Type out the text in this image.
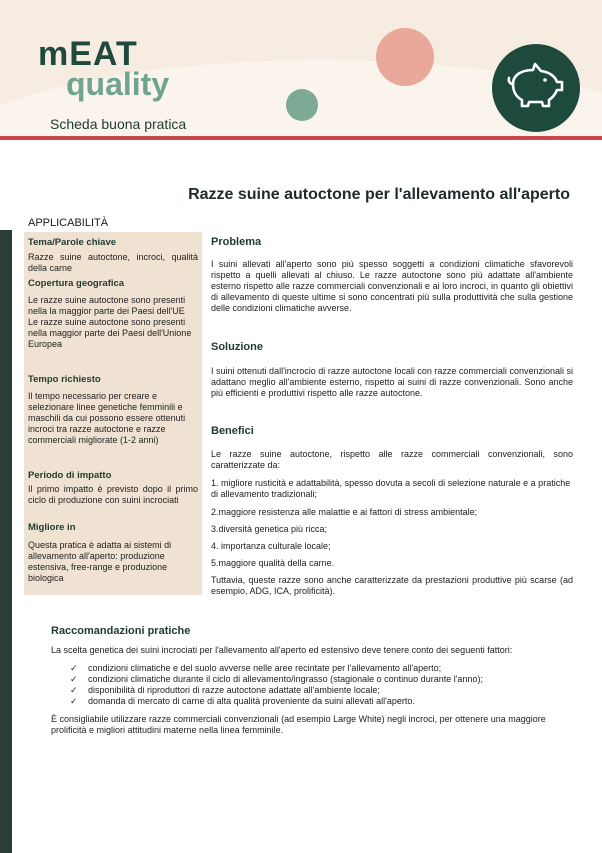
mEAT
quality
Scheda buona pratica
Razze suine autoctone per l'allevamento all'aperto
APPLICABILITÀ
Tema/Parole chiave
Razze suine autoctone, incroci, qualità della carne
Copertura geografica
Le razze suine autoctone sono presenti nella la maggior parte dei Paesi dell'UE Le razze suine autoctone sono presenti nella maggior parte dei Paesi dell'Unione Europea
Tempo richiesto
Il tempo necessario per creare e selezionare linee genetiche femminili e maschili da cui possono essere ottenuti incroci tra razze autoctone e razze commerciali migliorate (1-2 anni)
Periodo di impatto
Il primo impatto è previsto dopo il primo ciclo di produzione con suini incrociati
Migliore in
Questa pratica è adatta ai sistemi di allevamento all'aperto: produzione estensiva, free-range e produzione biologica
Problema
I suini allevati all'aperto sono più spesso soggetti a condizioni climatiche sfavorevoli rispetto a quelli allevati al chiuso. Le razze autoctone sono più adattate all'ambiente esterno rispetto alle razze commerciali convenzionali e ai loro incroci, in quanto gli obiettivi di allevamento di queste ultime si sono concentrati più sulla produttività che sulla gestione delle condizioni climatiche avverse.
Soluzione
I suini ottenuti dall'incrocio di razze autoctone locali con razze commerciali convenzionali si adattano meglio all'ambiente esterno, rispetto ai suini di razze convenzionali. Sono anche più efficienti e produttivi rispetto alle razze autoctone.
Benefici
Le razze suine autoctone, rispetto alle razze commerciali convenzionali, sono caratterizzate da:
1. migliore rusticità e adattabilità, spesso dovuta a secoli di selezione naturale e a pratiche di allevamento tradizionali;
2.maggiore resistenza alle malattie e ai fattori di stress ambientale;
3.diversità genetica più ricca;
4. importanza culturale locale;
5.maggiore qualità della carne.
Tuttavia, queste razze sono anche caratterizzate da prestazioni produttive più scarse (ad esempio, ADG, ICA, prolificità).
Raccomandazioni pratiche
La scelta genetica dei suini incrociati per l'allevamento all'aperto ed estensivo deve tenere conto dei seguenti fattori:
✓ condizioni climatiche e del suolo avverse nelle aree recintate per l'allevamento all'aperto;
✓ condizioni climatiche durante il ciclo di allevamento/ingrasso (stagionale o continuo durante l'anno);
✓ disponibilità di riproduttori di razze autoctone adattate all'ambiente locale;
✓ domanda di mercato di carne di alta qualità proveniente da suini allevati all'aperto.
È consigliabile utilizzare razze commerciali convenzionali (ad esempio Large White) negli incroci, per ottenere una maggiore prolificità e migliori attitudini materne nella linea femminile.
